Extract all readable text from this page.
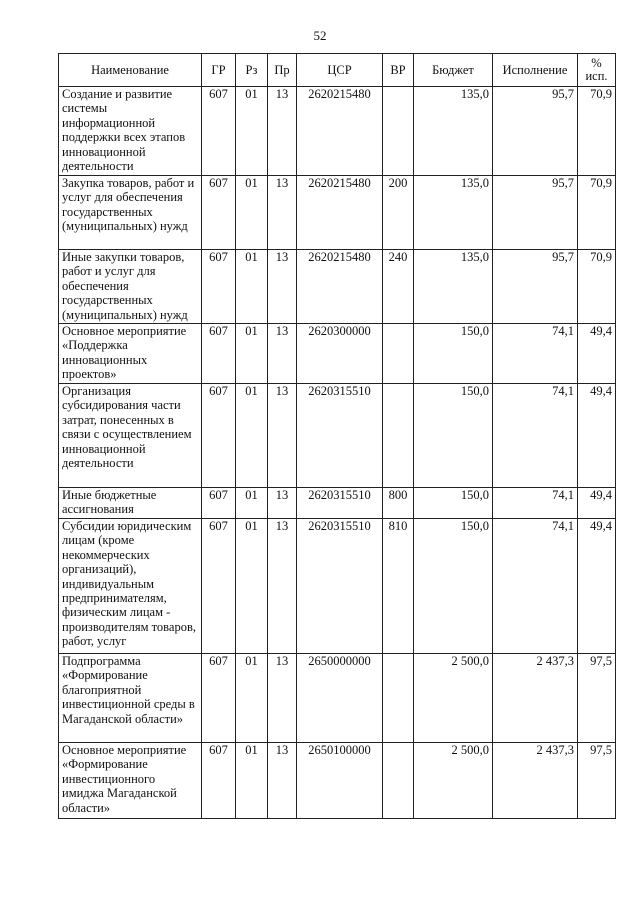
52
Наименование	ГР	Рз	Пр	ЦСР	ВР	Бюджет	Исполнение	% исп.
Создание и развитие системы информационной поддержки всех этапов инновационной деятельности	607	01	13	2620215480		135,0	95,7	70,9
Закупка товаров, работ и услуг для обеспечения государственных (муниципальных) нужд	607	01	13	2620215480	200	135,0	95,7	70,9
Иные закупки товаров, работ и услуг для обеспечения государственных (муниципальных) нужд	607	01	13	2620215480	240	135,0	95,7	70,9
Основное мероприятие «Поддержка инновационных проектов»	607	01	13	2620300000		150,0	74,1	49,4
Организация субсидирования части затрат, понесенных в связи с осуществлением инновационной деятельности	607	01	13	2620315510		150,0	74,1	49,4
Иные бюджетные ассигнования	607	01	13	2620315510	800	150,0	74,1	49,4
Субсидии юридическим лицам (кроме некоммерческих организаций), индивидуальным предпринимателям, физическим лицам - производителям товаров, работ, услуг	607	01	13	2620315510	810	150,0	74,1	49,4
Подпрограмма «Формирование благоприятной инвестиционной среды в Магаданской области»	607	01	13	2650000000		2 500,0	2 437,3	97,5
Основное мероприятие «Формирование инвестиционного имиджа Магаданской области»	607	01	13	2650100000		2 500,0	2 437,3	97,5
